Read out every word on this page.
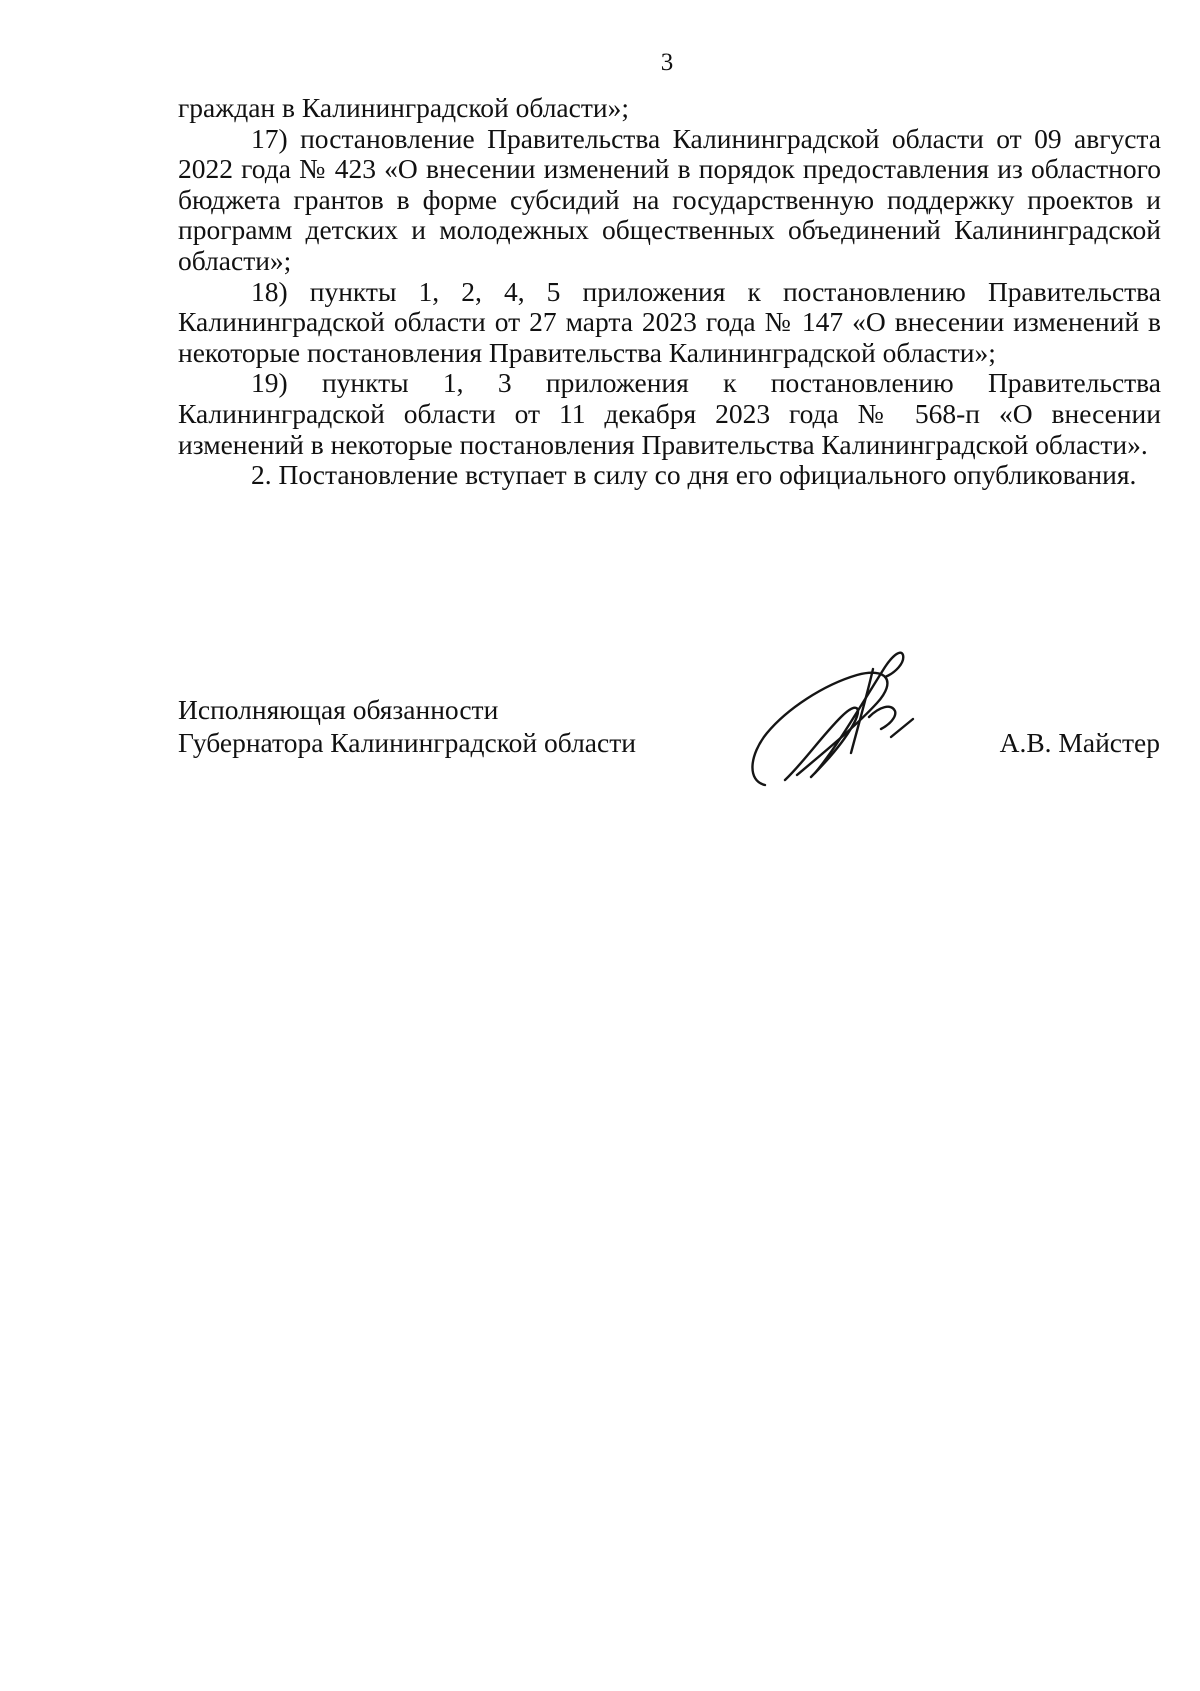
3

граждан в Калининградской области»;

17) постановление Правительства Калининградской области от 09 августа 2022 года № 423 «О внесении изменений в порядок предоставления из областного бюджета грантов в форме субсидий на государственную поддержку проектов и программ детских и молодежных общественных объединений Калининградской области»;

18) пункты 1, 2, 4, 5 приложения к постановлению Правительства Калининградской области от 27 марта 2023 года № 147 «О внесении изменений в некоторые постановления Правительства Калининградской области»;

19) пункты 1, 3 приложения к постановлению Правительства Калининградской области от 11 декабря 2023 года № 568-п «О внесении изменений в некоторые постановления Правительства Калининградской области».

2. Постановление вступает в силу со дня его официального опубликования.

Исполняющая обязанности
Губернатора Калининградской области	А.В. Майстер
